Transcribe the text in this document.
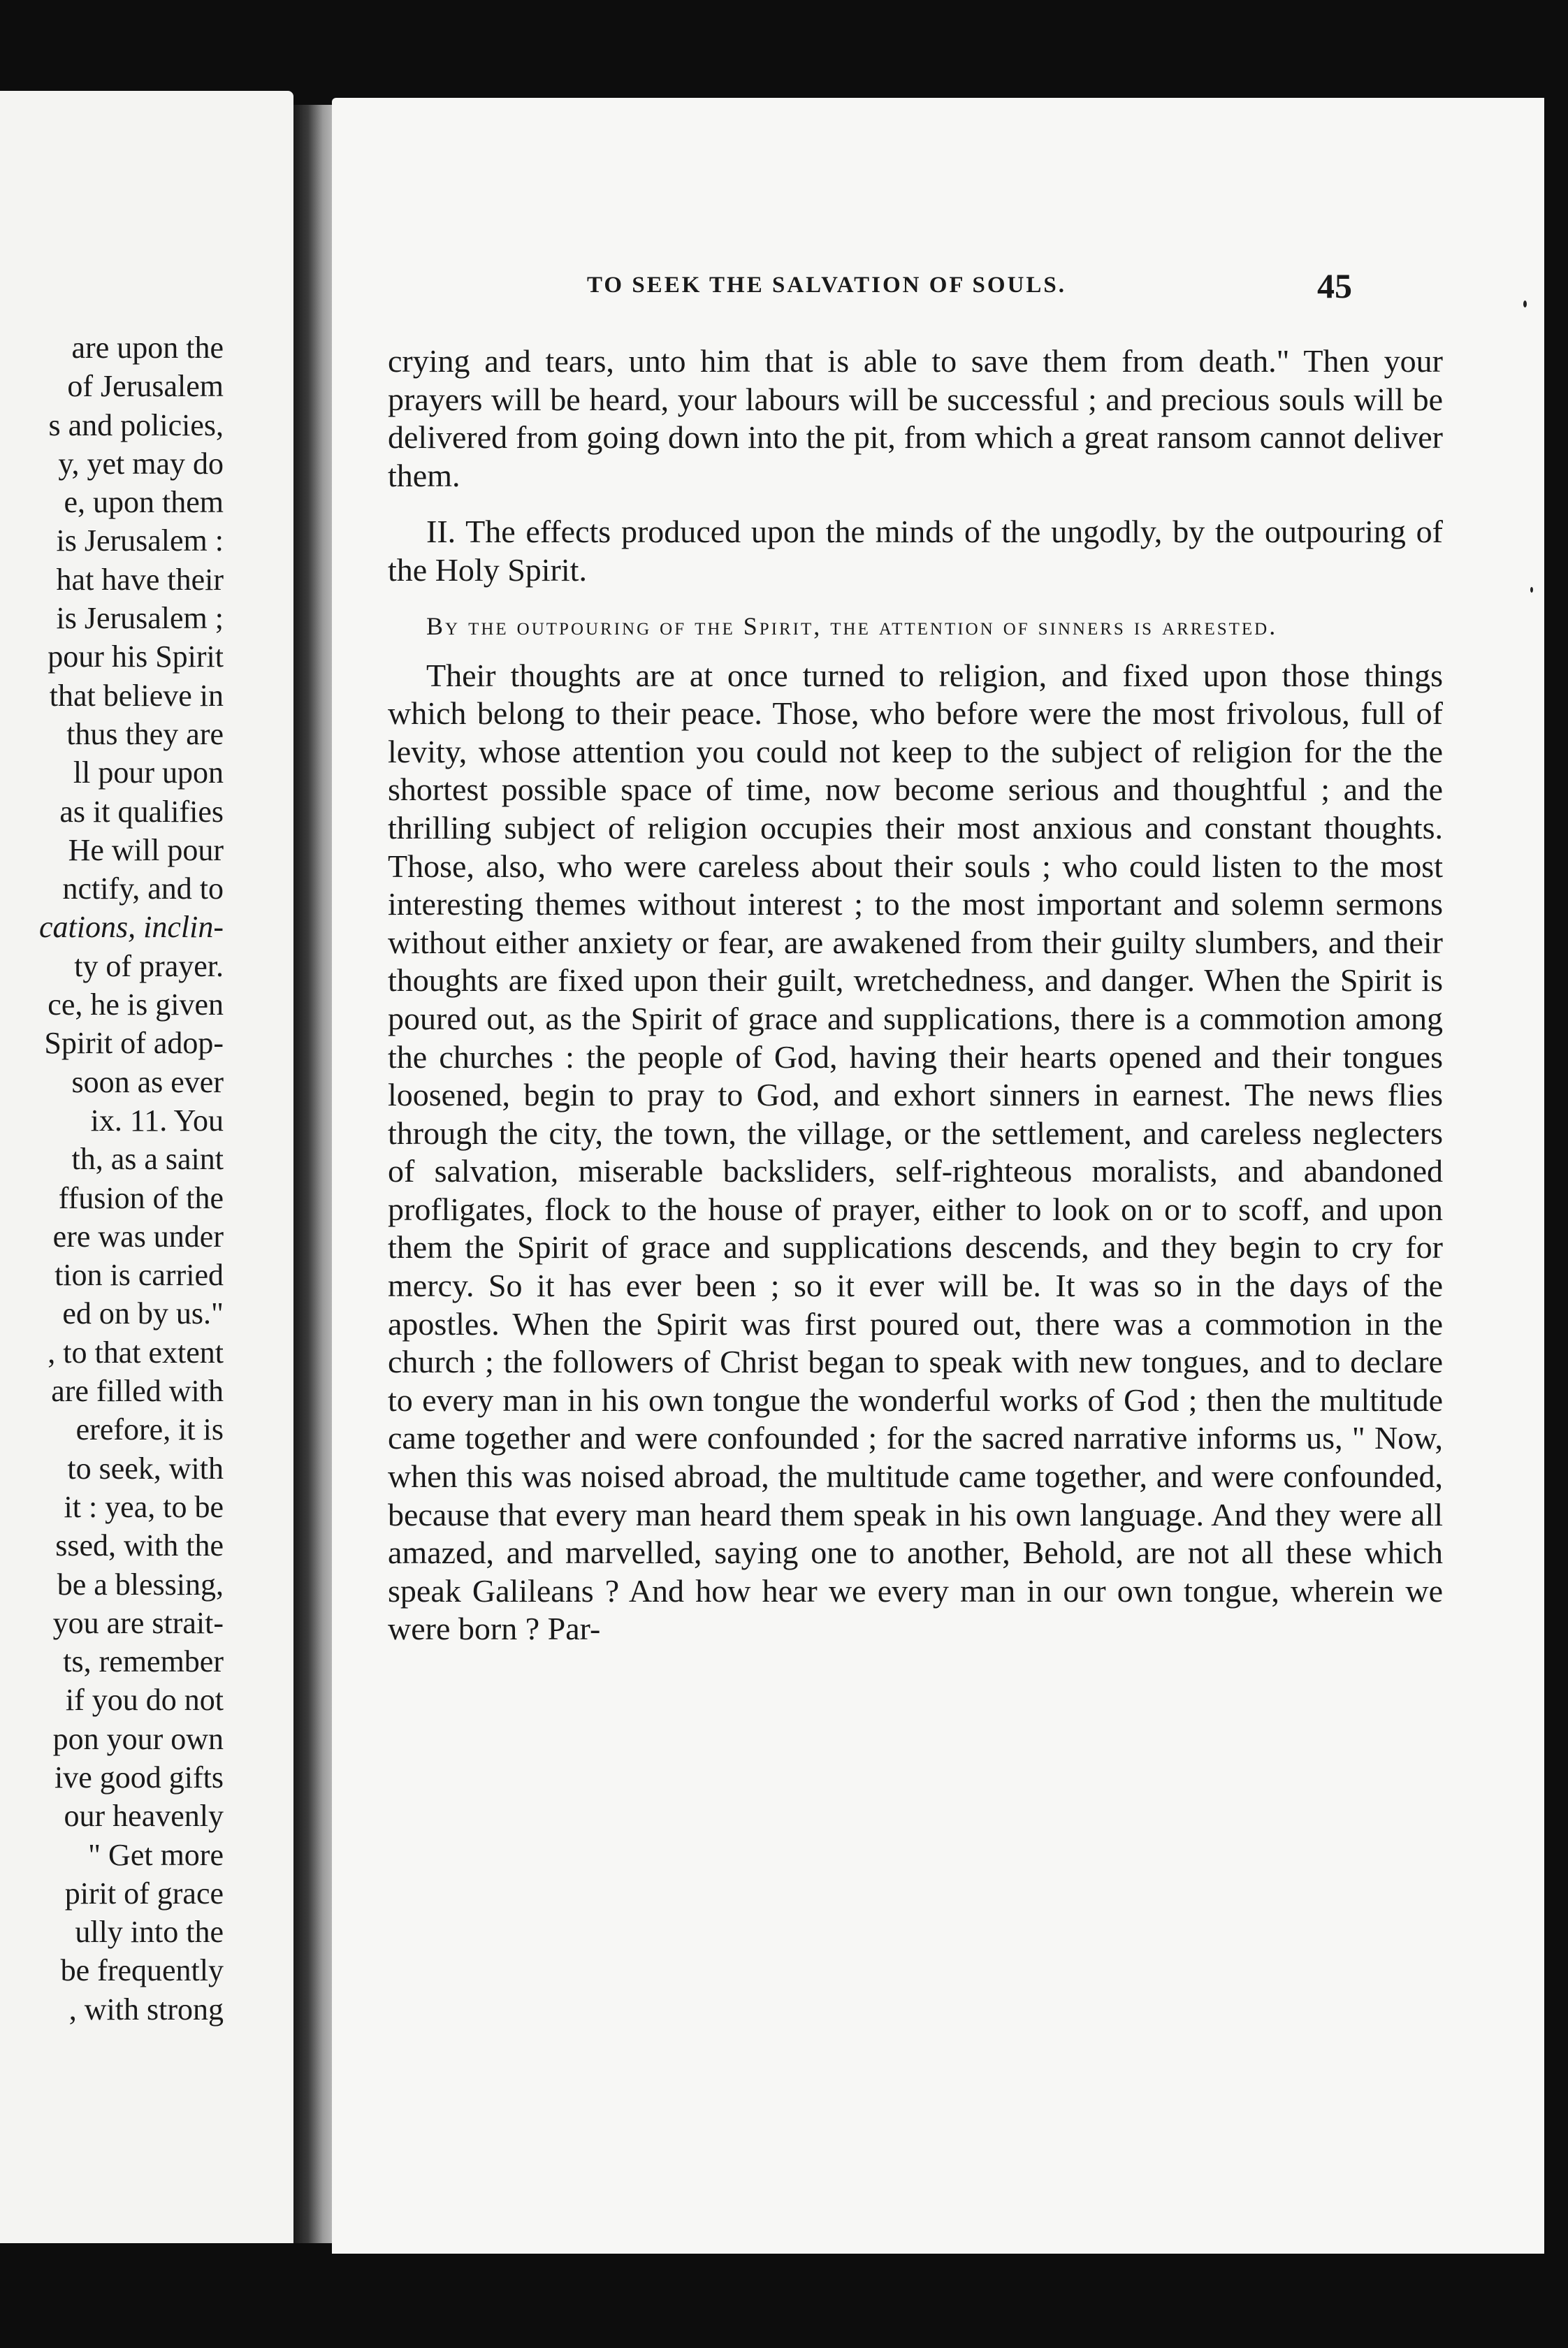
are upon the
of Jerusalem
s and policies,
y, yet may do
e, upon them
is Jerusalem :
hat have their
is Jerusalem ;
pour his Spirit
that believe in
thus they are
ll pour upon
as it qualifies
He will pour
nctify, and to
cations, inclin-
ty of prayer.
ce, he is given
Spirit of adop-
soon as ever
ix. 11. You
th, as a saint
ffusion of the
ere was under
tion is carried
ed on by us."
, to that extent
are filled with
erefore, it is
to seek, with
it : yea, to be
ssed, with the
be a blessing,
you are strait-
ts, remember
if you do not
pon your own
ive good gifts
our heavenly
" Get more
pirit of grace
ully into the
be frequently
, with strong
TO SEEK THE SALVATION OF SOULS.	45

crying and tears, unto him that is able to save them from death." Then your prayers will be heard, your labours will be successful ; and precious souls will be delivered from going down into the pit, from which a great ransom cannot deliver them.

II. The effects produced upon the minds of the ungodly, by the outpouring of the Holy Spirit.

By the outpouring of the Spirit, the attention of sinners is arrested.

Their thoughts are at once turned to religion, and fixed upon those things which belong to their peace. Those, who before were the most frivolous, full of levity, whose attention you could not keep to the subject of religion for the the shortest possible space of time, now become serious and thoughtful ; and the thrilling subject of religion occupies their most anxious and constant thoughts. Those, also, who were careless about their souls ; who could listen to the most interesting themes without interest ; to the most important and solemn sermons without either anxiety or fear, are awakened from their guilty slumbers, and their thoughts are fixed upon their guilt, wretchedness, and danger. When the Spirit is poured out, as the Spirit of grace and supplications, there is a commotion among the churches : the people of God, having their hearts opened and their tongues loosened, begin to pray to God, and exhort sinners in earnest. The news flies through the city, the town, the village, or the settlement, and careless neglecters of salvation, miserable backsliders, self-righteous moralists, and abandoned profligates, flock to the house of prayer, either to look on or to scoff, and upon them the Spirit of grace and supplications descends, and they begin to cry for mercy. So it has ever been ; so it ever will be. It was so in the days of the apostles. When the Spirit was first poured out, there was a commotion in the church ; the followers of Christ began to speak with new tongues, and to declare to every man in his own tongue the wonderful works of God ; then the multitude came together and were confounded ; for the sacred narrative informs us, " Now, when this was noised abroad, the multitude came together, and were confounded, because that every man heard them speak in his own language. And they were all amazed, and marvelled, saying one to another, Behold, are not all these which speak Galileans ? And how hear we every man in our own tongue, wherein we were born ? Par-
